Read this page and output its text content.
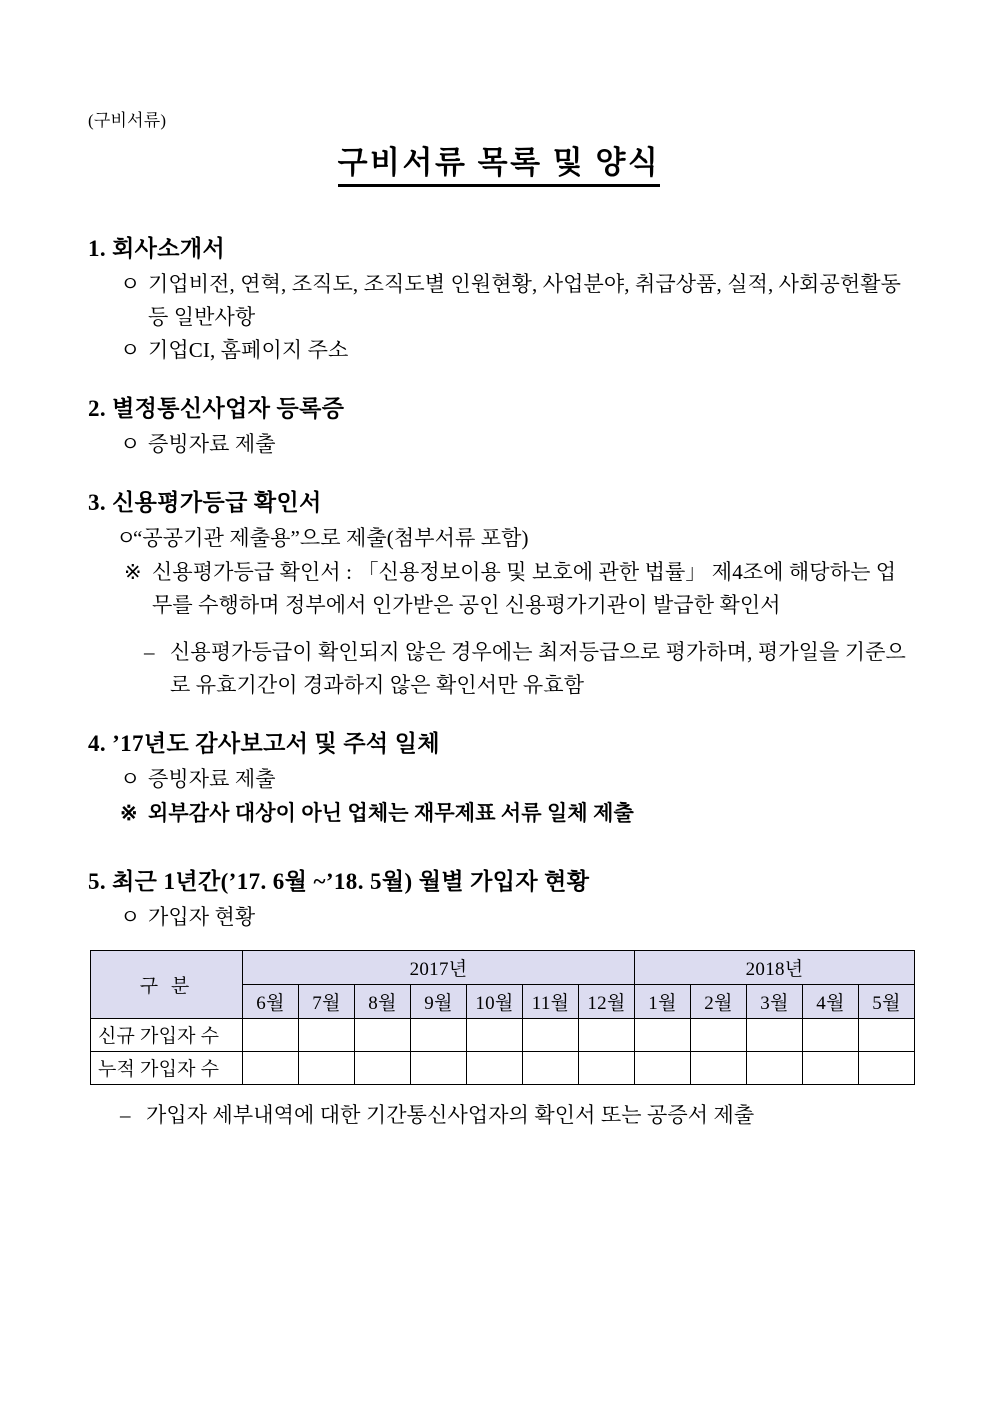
(구비서류)
구비서류 목록 및 양식
1. 회사소개서
ㅇ 기업비전, 연혁, 조직도, 조직도별 인원현황, 사업분야, 취급상품, 실적, 사회공헌활동 등 일반사항
ㅇ 기업CI, 홈페이지 주소
2. 별정통신사업자 등록증
ㅇ 증빙자료 제출
3. 신용평가등급 확인서
ㅇ
“공공기관 제출용”으로 제출(첨부서류 포함)
※ 신용평가등급 확인서 : 「신용정보이용 및 보호에 관한 법률」 제4조에 해당하는 업무를 수행하며 정부에서 인가받은 공인 신용평가기관이 발급한 확인서
– 신용평가등급이 확인되지 않은 경우에는 최저등급으로 평가하며, 평가일을 기준으로 유효기간이 경과하지 않은 확인서만 유효함
4. ’17년도 감사보고서 및 주석 일체
ㅇ 증빙자료 제출
※ 외부감사 대상이 아닌 업체는 재무제표 서류 일체 제출
5. 최근 1년간(’17. 6월 ~’18. 5월) 월별 가입자 현황
ㅇ 가입자 현황
구 분	2017년							2018년				
	6월	7월	8월	9월	10월	11월	12월	1월	2월	3월	4월	5월
신규 가입자 수												
누적 가입자 수												
– 가입자 세부내역에 대한 기간통신사업자의 확인서 또는 공증서 제출
